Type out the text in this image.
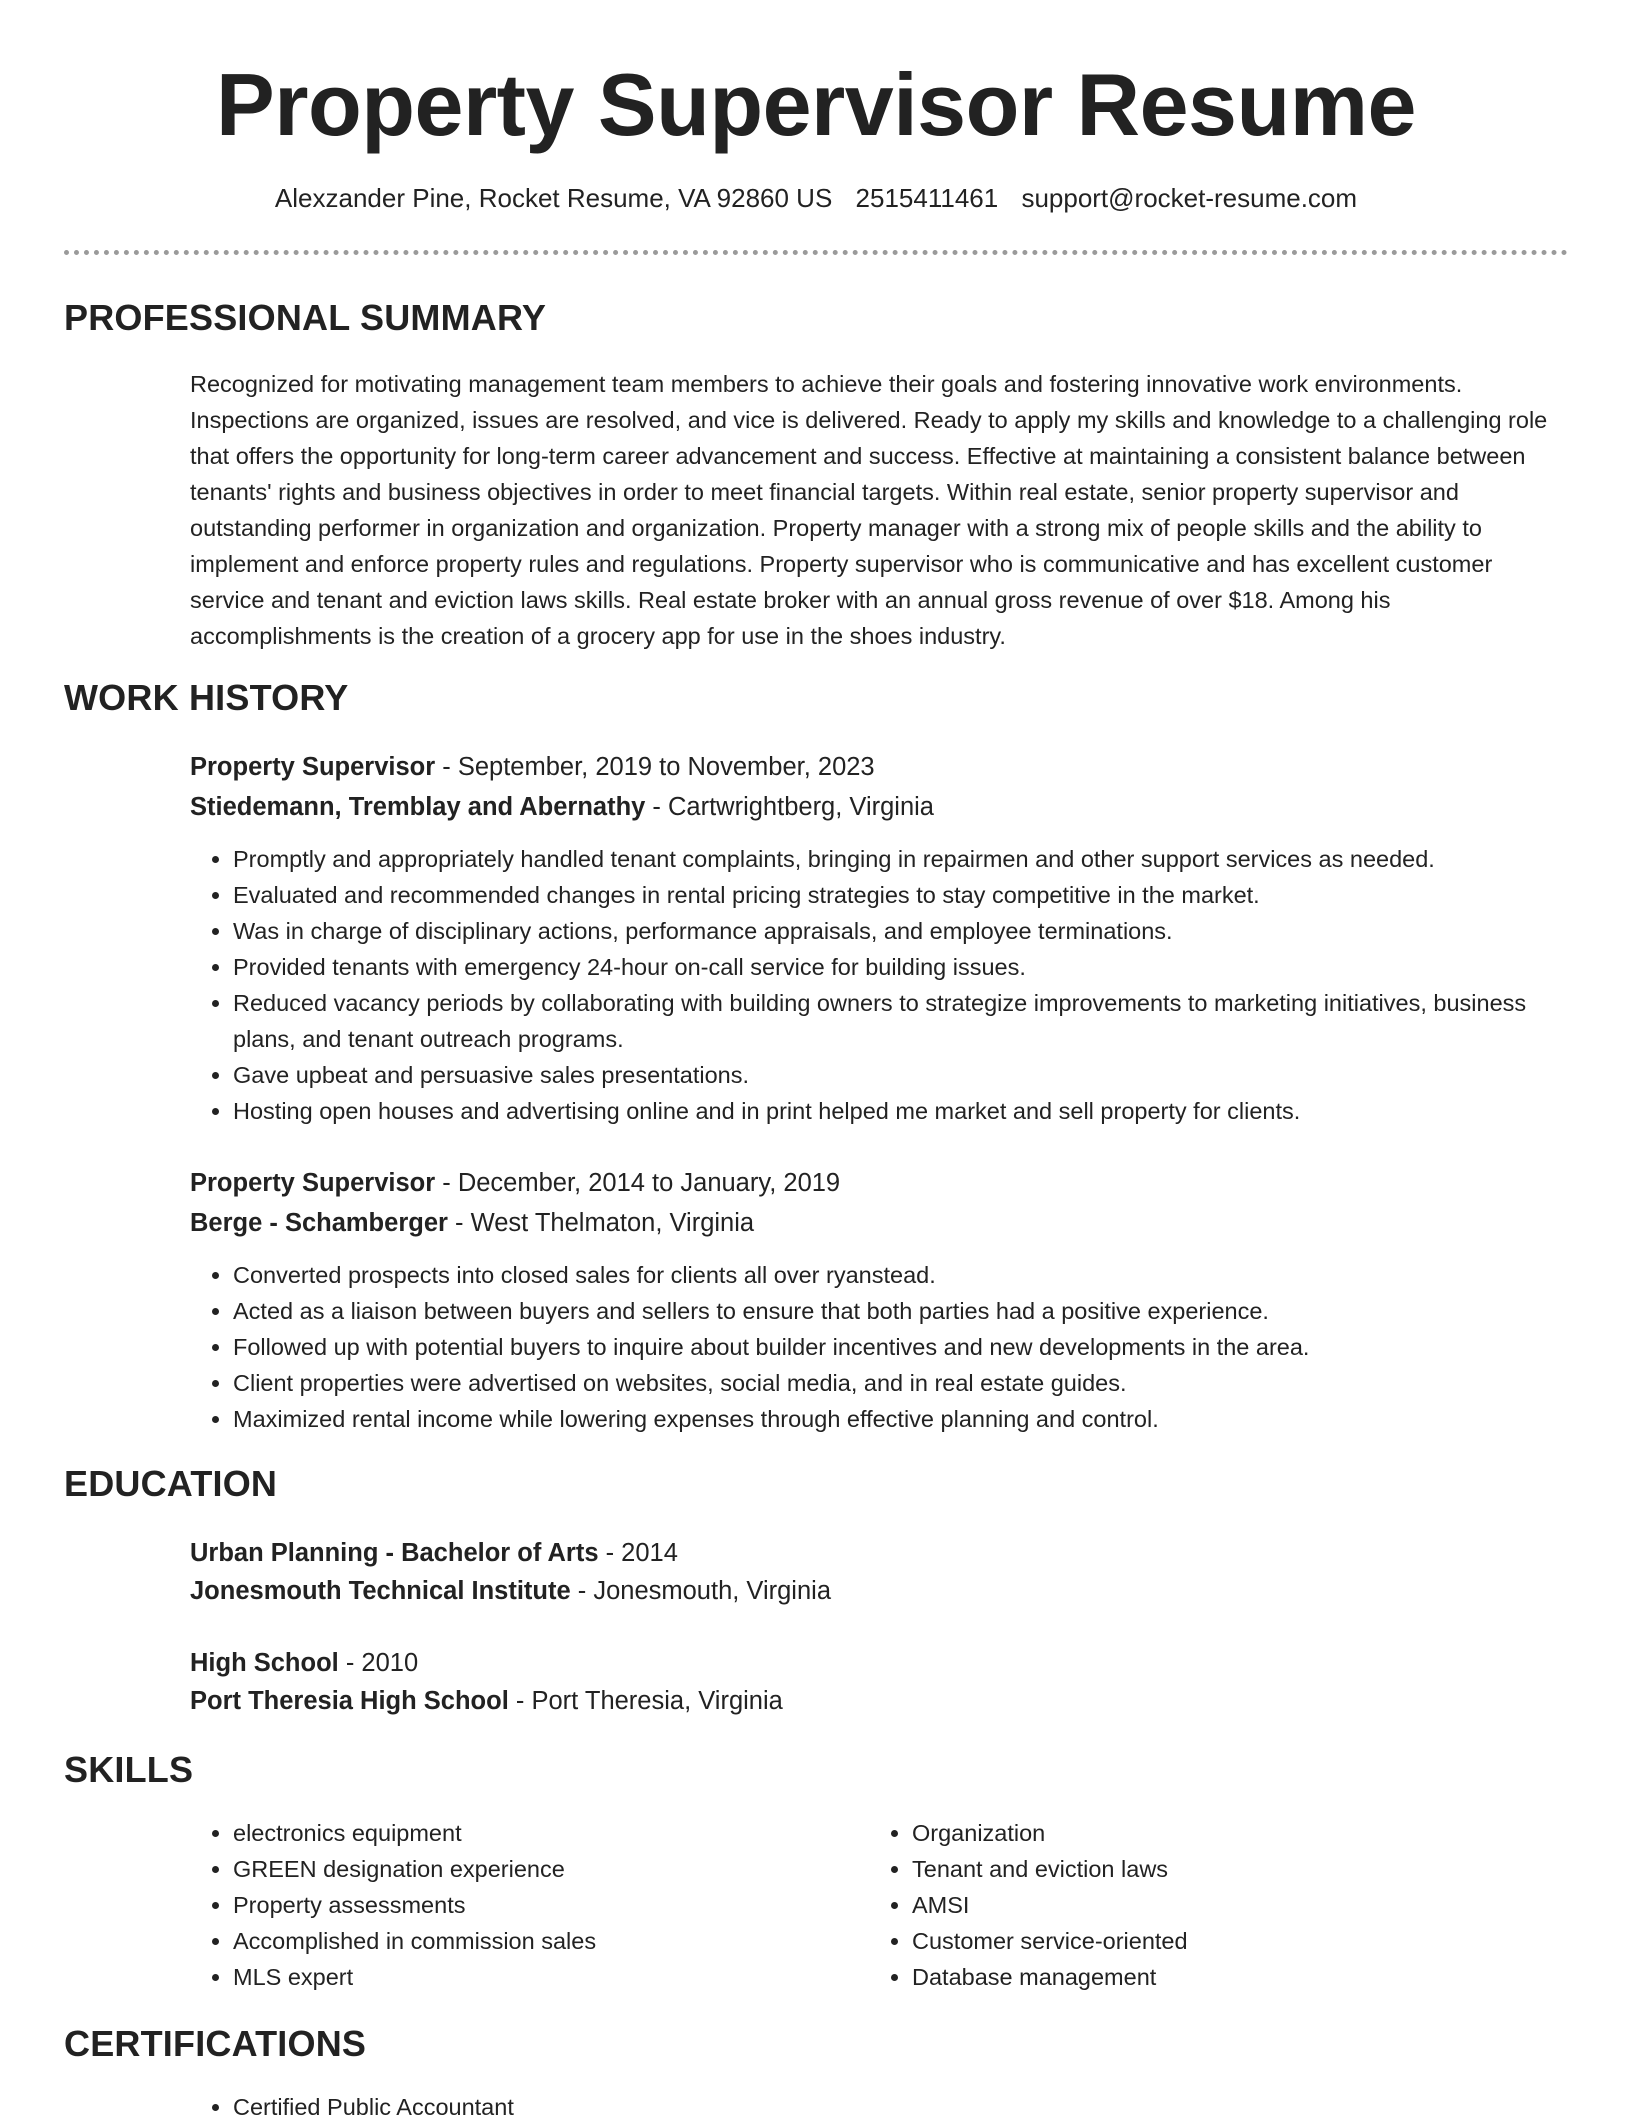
Property Supervisor Resume
Alexzander Pine, Rocket Resume, VA 92860 US 2515411461 support@rocket-resume.com
PROFESSIONAL SUMMARY

Recognized for motivating management team members to achieve their goals and fostering innovative work environments. Inspections are organized, issues are resolved, and vice is delivered. Ready to apply my skills and knowledge to a challenging role that offers the opportunity for long-term career advancement and success. Effective at maintaining a consistent balance between tenants' rights and business objectives in order to meet financial targets. Within real estate, senior property supervisor and outstanding performer in organization and organization. Property manager with a strong mix of people skills and the ability to implement and enforce property rules and regulations. Property supervisor who is communicative and has excellent customer service and tenant and eviction laws skills. Real estate broker with an annual gross revenue of over $18. Among his accomplishments is the creation of a grocery app for use in the shoes industry.

WORK HISTORY
Property Supervisor - September, 2019 to November, 2023
Stiedemann, Tremblay and Abernathy - Cartwrightberg, Virginia
• Promptly and appropriately handled tenant complaints, bringing in repairmen and other support services as needed.
• Evaluated and recommended changes in rental pricing strategies to stay competitive in the market.
• Was in charge of disciplinary actions, performance appraisals, and employee terminations.
• Provided tenants with emergency 24-hour on-call service for building issues.
• Reduced vacancy periods by collaborating with building owners to strategize improvements to marketing initiatives, business plans, and tenant outreach programs.
• Gave upbeat and persuasive sales presentations.
• Hosting open houses and advertising online and in print helped me market and sell property for clients.
Property Supervisor - December, 2014 to January, 2019
Berge - Schamberger - West Thelmaton, Virginia
• Converted prospects into closed sales for clients all over ryanstead.
• Acted as a liaison between buyers and sellers to ensure that both parties had a positive experience.
• Followed up with potential buyers to inquire about builder incentives and new developments in the area.
• Client properties were advertised on websites, social media, and in real estate guides.
• Maximized rental income while lowering expenses through effective planning and control.
EDUCATION
Urban Planning - Bachelor of Arts - 2014
Jonesmouth Technical Institute - Jonesmouth, Virginia
High School - 2010
Port Theresia High School - Port Theresia, Virginia
SKILLS
• electronics equipment
• GREEN designation experience
• Property assessments
• Accomplished in commission sales
• MLS expert
• Organization
• Tenant and eviction laws
• AMSI
• Customer service-oriented
• Database management
CERTIFICATIONS
• Certified Public Accountant
